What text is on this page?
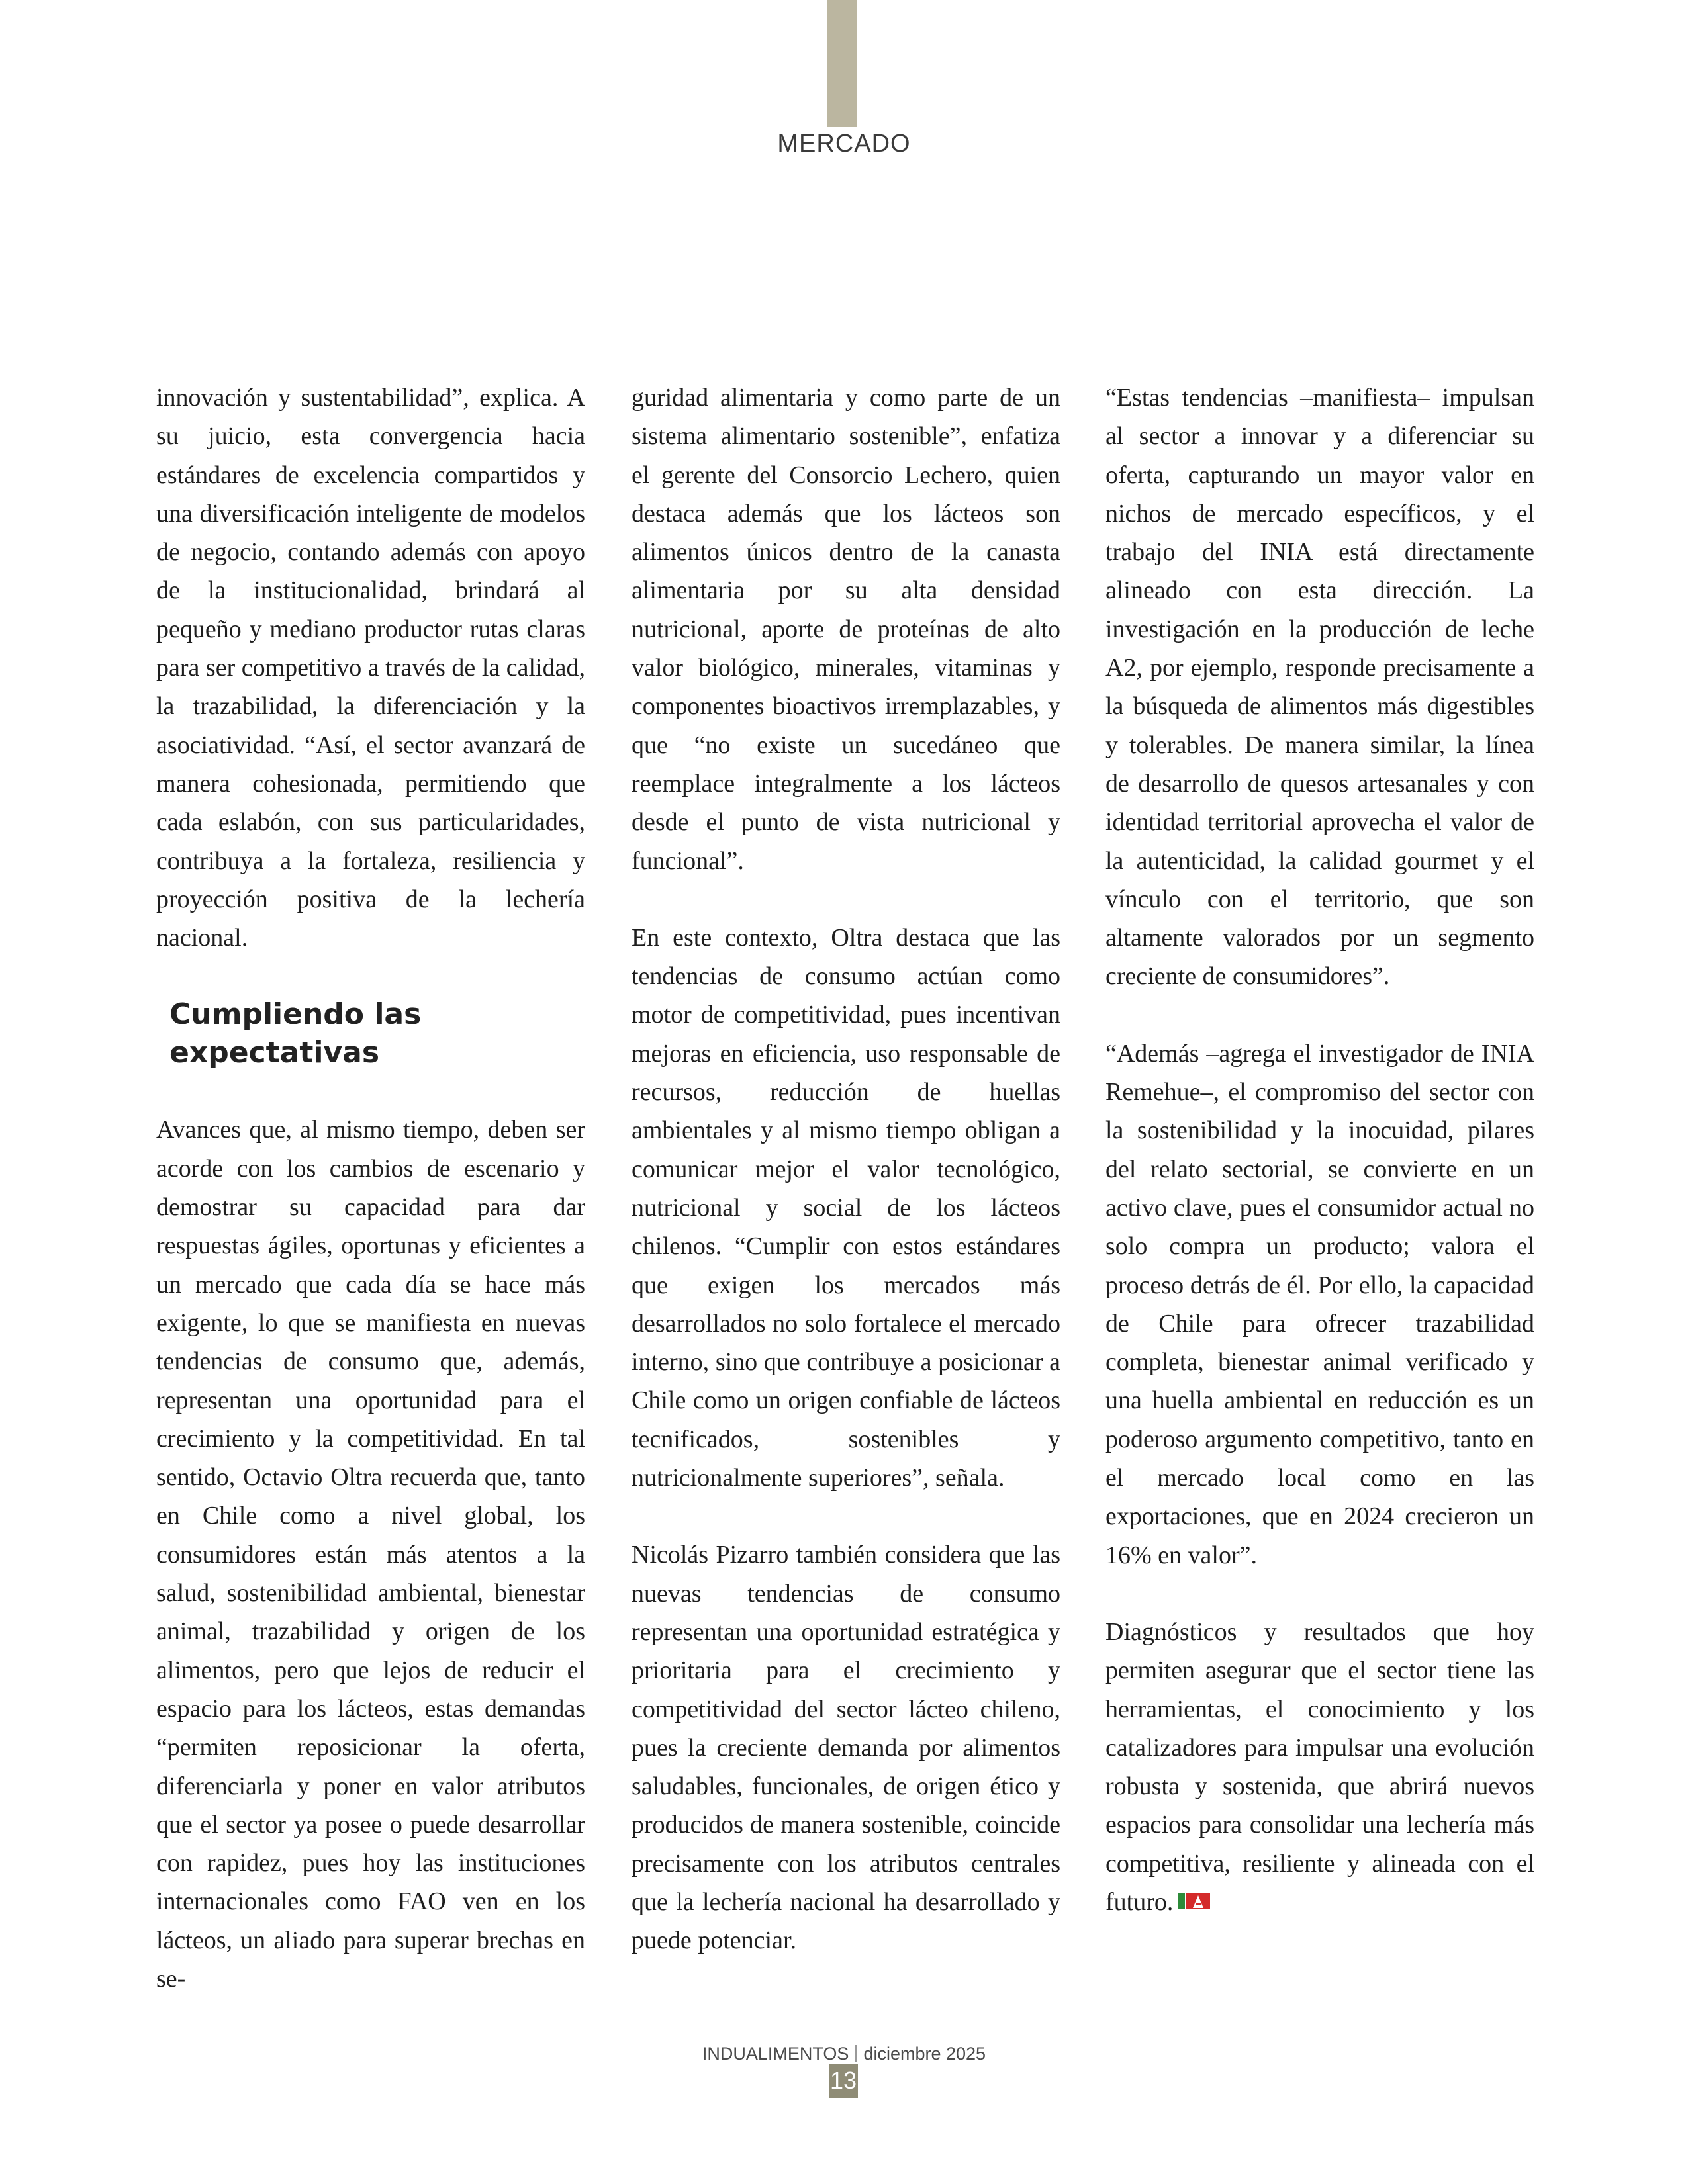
MERCADO

innovación y sustentabilidad”, explica. A su juicio, esta convergencia hacia estándares de excelencia compartidos y una diversificación inteligente de modelos de negocio, contando además con apoyo de la institucionalidad, brindará al pequeño y mediano productor rutas claras para ser competitivo a través de la calidad, la trazabilidad, la diferenciación y la asociatividad. “Así, el sector avanzará de manera cohesionada, permitiendo que cada eslabón, con sus particularidades, contribuya a la fortaleza, resiliencia y proyección positiva de la lechería nacional.

Cumpliendo las expectativas

Avances que, al mismo tiempo, deben ser acorde con los cambios de escenario y demostrar su capacidad para dar respuestas ágiles, oportunas y eficientes a un mercado que cada día se hace más exigente, lo que se manifiesta en nuevas tendencias de consumo que, además, representan una oportunidad para el crecimiento y la competitividad. En tal sentido, Octavio Oltra recuerda que, tanto en Chile como a nivel global, los consumidores están más atentos a la salud, sostenibilidad ambiental, bienestar animal, trazabilidad y origen de los alimentos, pero que lejos de reducir el espacio para los lácteos, estas demandas “permiten reposicionar la oferta, diferenciarla y poner en valor atributos que el sector ya posee o puede desarrollar con rapidez, pues hoy las instituciones internacionales como FAO ven en los lácteos, un aliado para superar brechas en se-

guridad alimentaria y como parte de un sistema alimentario sostenible”, enfatiza el gerente del Consorcio Lechero, quien destaca además que los lácteos son alimentos únicos dentro de la canasta alimentaria por su alta densidad nutricional, aporte de proteínas de alto valor biológico, minerales, vitaminas y componentes bioactivos irremplazables, y que “no existe un sucedáneo que reemplace integralmente a los lácteos desde el punto de vista nutricional y funcional”.

En este contexto, Oltra destaca que las tendencias de consumo actúan como motor de competitividad, pues incentivan mejoras en eficiencia, uso responsable de recursos, reducción de huellas ambientales y al mismo tiempo obligan a comunicar mejor el valor tecnológico, nutricional y social de los lácteos chilenos. “Cumplir con estos estándares que exigen los mercados más desarrollados no solo fortalece el mercado interno, sino que contribuye a posicionar a Chile como un origen confiable de lácteos tecnificados, sostenibles y nutricionalmente superiores”, señala.

Nicolás Pizarro también considera que las nuevas tendencias de consumo representan una oportunidad estratégica y prioritaria para el crecimiento y competitividad del sector lácteo chileno, pues la creciente demanda por alimentos saludables, funcionales, de origen ético y producidos de manera sostenible, coincide precisamente con los atributos centrales que la lechería nacional ha desarrollado y puede potenciar.

“Estas tendencias –manifiesta– impulsan al sector a innovar y a diferenciar su oferta, capturando un mayor valor en nichos de mercado específicos, y el trabajo del INIA está directamente alineado con esta dirección. La investigación en la producción de leche A2, por ejemplo, responde precisamente a la búsqueda de alimentos más digestibles y tolerables. De manera similar, la línea de desarrollo de quesos artesanales y con identidad territorial aprovecha el valor de la autenticidad, la calidad gourmet y el vínculo con el territorio, que son altamente valorados por un segmento creciente de consumidores”.

“Además –agrega el investigador de INIA Remehue–, el compromiso del sector con la sostenibilidad y la inocuidad, pilares del relato sectorial, se convierte en un activo clave, pues el consumidor actual no solo compra un producto; valora el proceso detrás de él. Por ello, la capacidad de Chile para ofrecer trazabilidad completa, bienestar animal verificado y una huella ambiental en reducción es un poderoso argumento competitivo, tanto en el mercado local como en las exportaciones, que en 2024 crecieron un 16% en valor”.

Diagnósticos y resultados que hoy permiten asegurar que el sector tiene las herramientas, el conocimiento y los catalizadores para impulsar una evolución robusta y sostenida, que abrirá nuevos espacios para consolidar una lechería más competitiva, resiliente y alineada con el futuro.

INDUALIMENTOS diciembre 2025
13
